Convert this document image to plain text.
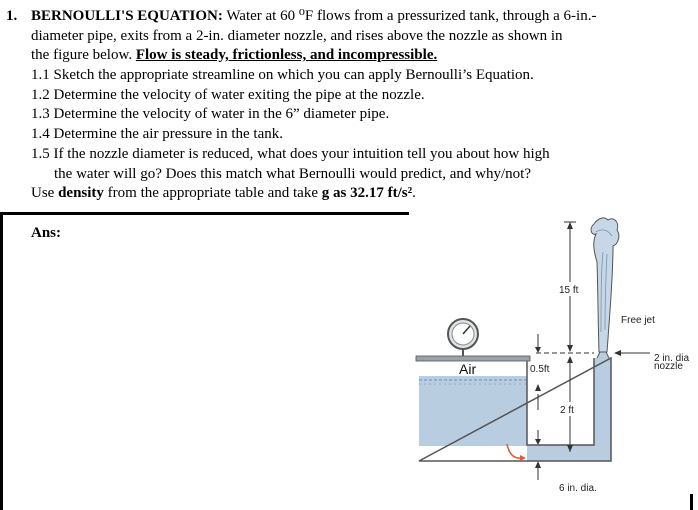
1. BERNOULLI'S EQUATION: Water at 60 ⁰F flows from a pressurized tank, through a 6-in.-
diameter pipe, exits from a 2-in. diameter nozzle, and rises above the nozzle as shown in
the figure below. Flow is steady, frictionless, and incompressible.
1.1 Sketch the appropriate streamline on which you can apply Bernoulli’s Equation.
1.2 Determine the velocity of water exiting the pipe at the nozzle.
1.3 Determine the velocity of water in the 6” diameter pipe.
1.4 Determine the air pressure in the tank.
1.5 If the nozzle diameter is reduced, what does your intuition tell you about how high
the water will go? Does this match what Bernoulli would predict, and why/not?
Use density from the appropriate table and take g as 32.17 ft/s².
Ans:
15 ft
0.5ft
2 ft
6 in. dia.
Air
Free jet
2 in. dia
nozzle
